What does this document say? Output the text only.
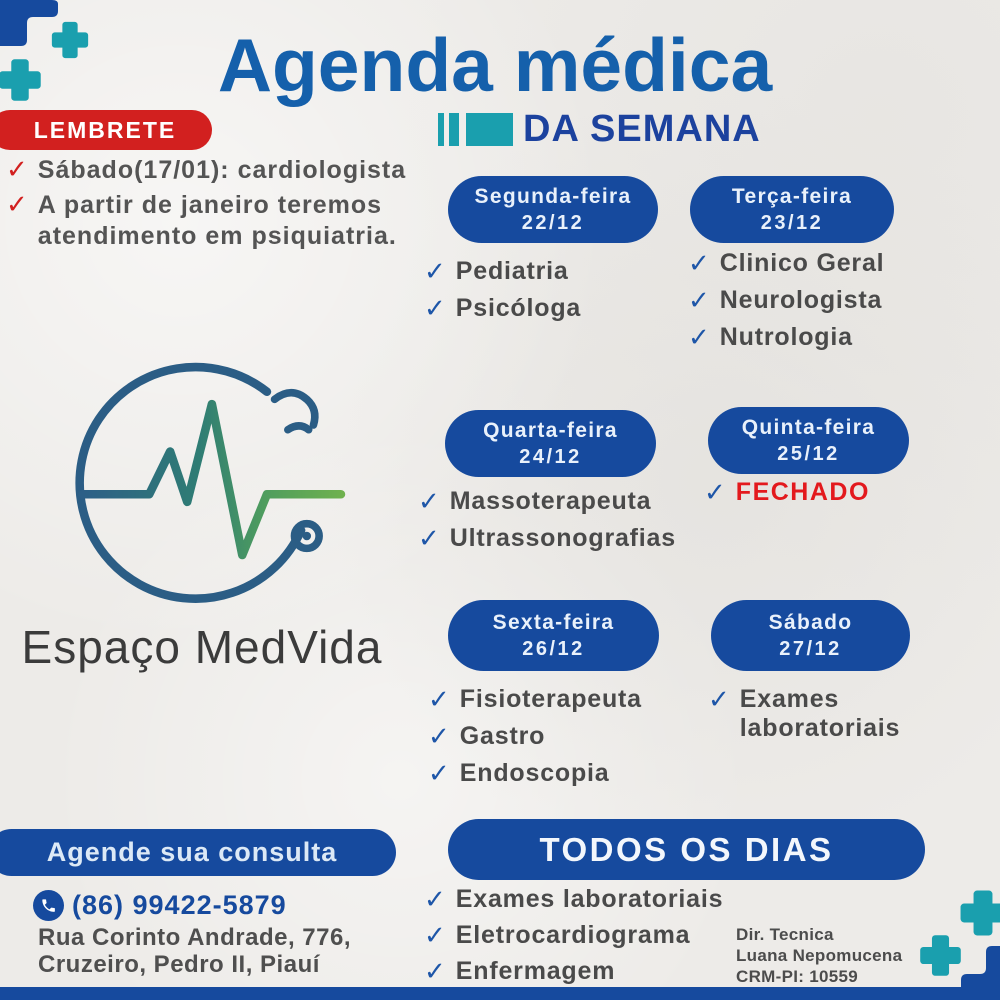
Agenda médica
DA SEMANA
LEMBRETE
✓ Sábado(17/01): cardiologista
✓ A partir de janeiro teremos atendimento em psiquiatria.
Espaço MedVida
Segunda-feira
22/12
✓ Pediatria
✓ Psicóloga
Terça-feira
23/12
✓ Clinico Geral
✓ Neurologista
✓ Nutrologia
Quarta-feira
24/12
✓ Massoterapeuta
✓ Ultrassonografias
Quinta-feira
25/12
✓ FECHADO
Sexta-feira
26/12
✓ Fisioterapeuta
✓ Gastro
✓ Endoscopia
Sábado
27/12
✓ Exames laboratoriais
Agende sua consulta
(86) 99422-5879
Rua Corinto Andrade, 776,
Cruzeiro, Pedro II, Piauí
TODOS OS DIAS
✓ Exames laboratoriais
✓ Eletrocardiograma
✓ Enfermagem
Dir. Tecnica
Luana Nepomucena
CRM-PI: 10559
